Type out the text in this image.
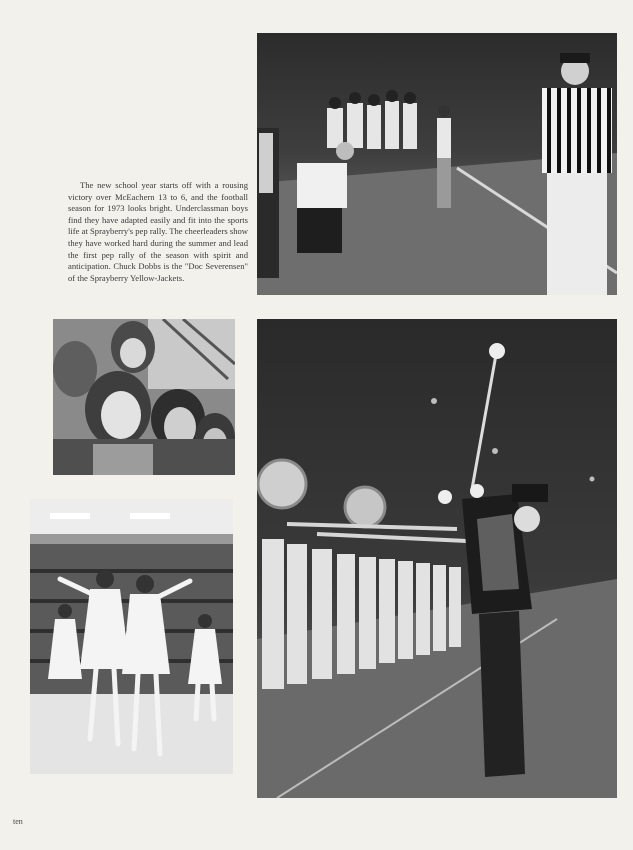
The new school year starts off with a rousing victory over McEachern 13 to 6, and the football season for 1973 looks bright. Underclassman boys find they have adapted easily and fit into the sports life at Sprayberry's pep rally. The cheerleaders show they have worked hard during the summer and lead the first pep rally of the season with spirit and anticipation. Chuck Dobbs is the "Doc Severensen" of the Sprayberry Yellow-Jackets.

ten
